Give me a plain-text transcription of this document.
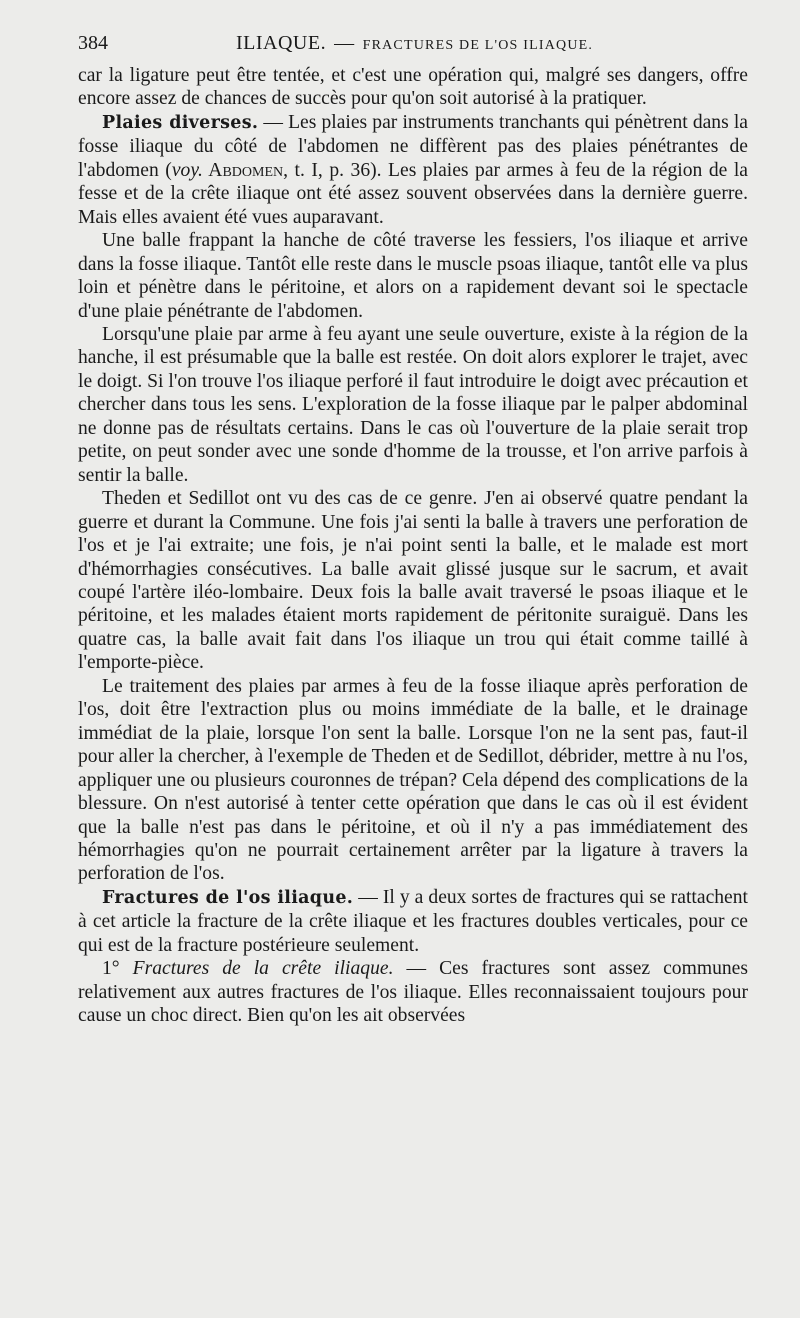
384	ILIAQUE. — FRACTURES DE L'OS ILIAQUE.

car la ligature peut être tentée, et c'est une opération qui, malgré ses dangers, offre encore assez de chances de succès pour qu'on soit autorisé à la pratiquer.

Plaies diverses. — Les plaies par instruments tranchants qui pénètrent dans la fosse iliaque du côté de l'abdomen ne diffèrent pas des plaies pénétrantes de l'abdomen (voy. Abdomen, t. I, p. 36). Les plaies par armes à feu de la région de la fesse et de la crête iliaque ont été assez souvent observées dans la dernière guerre. Mais elles avaient été vues auparavant.

Une balle frappant la hanche de côté traverse les fessiers, l'os iliaque et arrive dans la fosse iliaque. Tantôt elle reste dans le muscle psoas iliaque, tantôt elle va plus loin et pénètre dans le péritoine, et alors on a rapidement devant soi le spectacle d'une plaie pénétrante de l'abdomen.

Lorsqu'une plaie par arme à feu ayant une seule ouverture, existe à la région de la hanche, il est présumable que la balle est restée. On doit alors explorer le trajet, avec le doigt. Si l'on trouve l'os iliaque perforé il faut introduire le doigt avec précaution et chercher dans tous les sens. L'exploration de la fosse iliaque par le palper abdominal ne donne pas de résultats certains. Dans le cas où l'ouverture de la plaie serait trop petite, on peut sonder avec une sonde d'homme de la trousse, et l'on arrive parfois à sentir la balle.

Theden et Sedillot ont vu des cas de ce genre. J'en ai observé quatre pendant la guerre et durant la Commune. Une fois j'ai senti la balle à travers une perforation de l'os et je l'ai extraite; une fois, je n'ai point senti la balle, et le malade est mort d'hémorrhagies consécutives. La balle avait glissé jusque sur le sacrum, et avait coupé l'artère iléo-lombaire. Deux fois la balle avait traversé le psoas iliaque et le péritoine, et les malades étaient morts rapidement de péritonite suraiguë. Dans les quatre cas, la balle avait fait dans l'os iliaque un trou qui était comme taillé à l'emporte-pièce.

Le traitement des plaies par armes à feu de la fosse iliaque après perforation de l'os, doit être l'extraction plus ou moins immédiate de la balle, et le drainage immédiat de la plaie, lorsque l'on sent la balle. Lorsque l'on ne la sent pas, faut-il pour aller la chercher, à l'exemple de Theden et de Sedillot, débrider, mettre à nu l'os, appliquer une ou plusieurs couronnes de trépan? Cela dépend des complications de la blessure. On n'est autorisé à tenter cette opération que dans le cas où il est évident que la balle n'est pas dans le péritoine, et où il n'y a pas immédiatement des hémorrhagies qu'on ne pourrait certainement arrêter par la ligature à travers la perforation de l'os.

Fractures de l'os iliaque. — Il y a deux sortes de fractures qui se rattachent à cet article la fracture de la crête iliaque et les fractures doubles verticales, pour ce qui est de la fracture postérieure seulement.

1° Fractures de la crête iliaque. — Ces fractures sont assez communes relativement aux autres fractures de l'os iliaque. Elles reconnaissaient toujours pour cause un choc direct. Bien qu'on les ait observées
